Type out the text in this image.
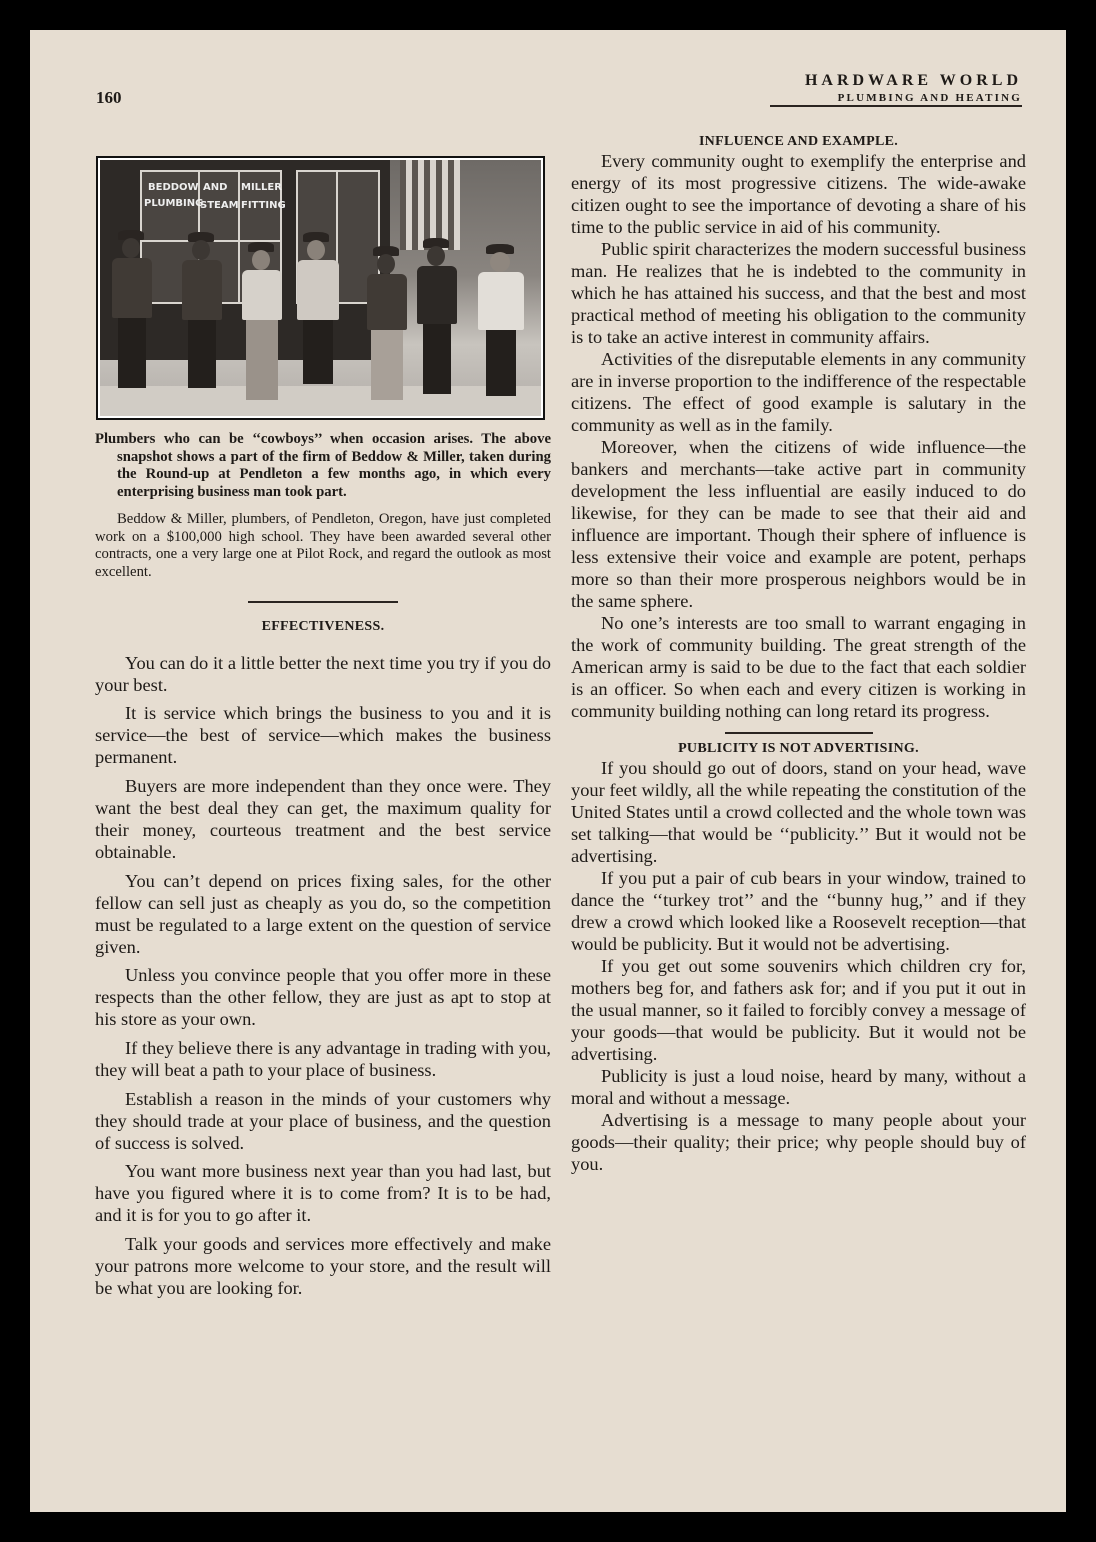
160
HARDWARE WORLD
PLUMBING AND HEATING
BEDDOW
PLUMBING
AND
STEAM
MILLER
FITTING
Plumbers who can be ‘‘cowboys’’ when occasion arises. The above snapshot shows a part of the firm of Beddow & Miller, taken during the Round-up at Pendleton a few months ago, in which every enterprising business man took part.
Beddow & Miller, plumbers, of Pendleton, Oregon, have just completed work on a $100,000 high school. They have been awarded several other contracts, one a very large one at Pilot Rock, and regard the outlook as most excellent.
EFFECTIVENESS.

You can do it a little better the next time you try if you do your best.

It is service which brings the business to you and it is service—the best of service—which makes the business permanent.

Buyers are more independent than they once were. They want the best deal they can get, the maximum quality for their money, courteous treatment and the best service obtainable.

You can’t depend on prices fixing sales, for the other fellow can sell just as cheaply as you do, so the competition must be regulated to a large extent on the question of service given.

Unless you convince people that you offer more in these respects than the other fellow, they are just as apt to stop at his store as your own.

If they believe there is any advantage in trading with you, they will beat a path to your place of business.

Establish a reason in the minds of your customers why they should trade at your place of business, and the question of success is solved.

You want more business next year than you had last, but have you figured where it is to come from? It is to be had, and it is for you to go after it.

Talk your goods and services more effectively and make your patrons more welcome to your store, and the result will be what you are looking for.

INFLUENCE AND EXAMPLE.

Every community ought to exemplify the enterprise and energy of its most progressive citizens. The wide-awake citizen ought to see the importance of devoting a share of his time to the public service in aid of his community.

Public spirit characterizes the modern successful business man. He realizes that he is indebted to the community in which he has attained his success, and that the best and most practical method of meeting his obligation to the community is to take an active interest in community affairs.

Activities of the disreputable elements in any community are in inverse proportion to the indifference of the respectable citizens. The effect of good example is salutary in the community as well as in the family.

Moreover, when the citizens of wide influence—the bankers and merchants—take active part in community development the less influential are easily induced to do likewise, for they can be made to see that their aid and influence are important. Though their sphere of influence is less extensive their voice and example are potent, perhaps more so than their more prosperous neighbors would be in the same sphere.

No one’s interests are too small to warrant engaging in the work of community building. The great strength of the American army is said to be due to the fact that each soldier is an officer. So when each and every citizen is working in community building nothing can long retard its progress.

PUBLICITY IS NOT ADVERTISING.

If you should go out of doors, stand on your head, wave your feet wildly, all the while repeating the constitution of the United States until a crowd collected and the whole town was set talking—that would be ‘‘publicity.’’ But it would not be advertising.

If you put a pair of cub bears in your window, trained to dance the ‘‘turkey trot’’ and the ‘‘bunny hug,’’ and if they drew a crowd which looked like a Roosevelt reception—that would be publicity. But it would not be advertising.

If you get out some souvenirs which children cry for, mothers beg for, and fathers ask for; and if you put it out in the usual manner, so it failed to forcibly convey a message of your goods—that would be publicity. But it would not be advertising.

Publicity is just a loud noise, heard by many, without a moral and without a message.

Advertising is a message to many people about your goods—their quality; their price; why people should buy of you.
